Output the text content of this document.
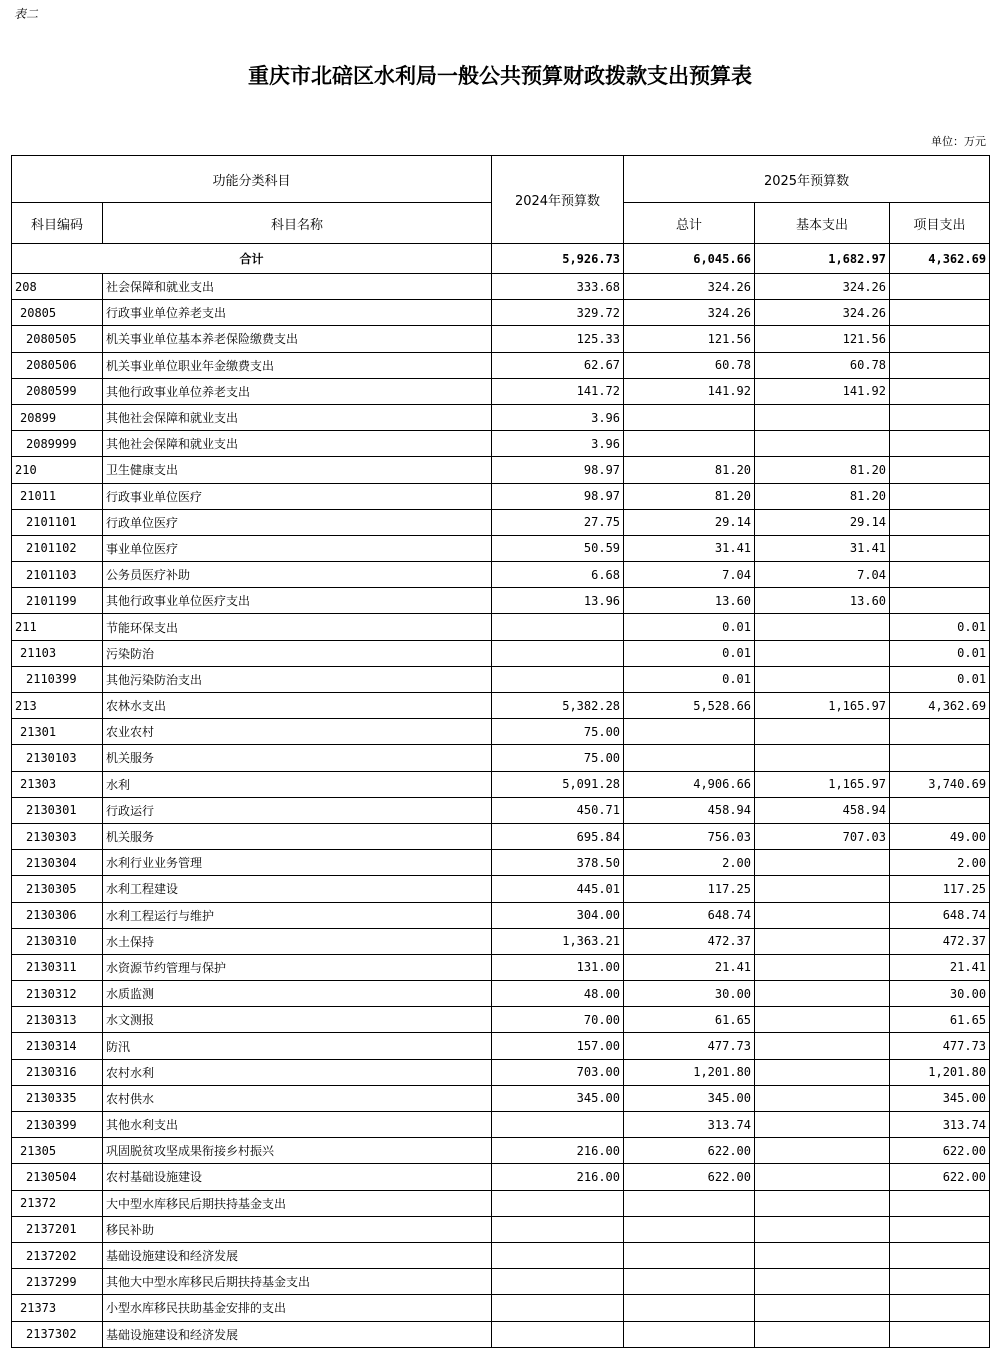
表二
重庆市北碚区水利局一般公共预算财政拨款支出预算表
单位：万元
功能分类科目		2024年预算数	2025年预算数		
科目编码	科目名称		总计	基本支出	项目支出
合计		5,926.73	6,045.66	1,682.97	4,362.69
208	社会保障和就业支出	333.68	324.26	324.26	
20805	行政事业单位养老支出	329.72	324.26	324.26	
2080505	机关事业单位基本养老保险缴费支出	125.33	121.56	121.56	
2080506	机关事业单位职业年金缴费支出	62.67	60.78	60.78	
2080599	其他行政事业单位养老支出	141.72	141.92	141.92	
20899	其他社会保障和就业支出	3.96			
2089999	其他社会保障和就业支出	3.96			
210	卫生健康支出	98.97	81.20	81.20	
21011	行政事业单位医疗	98.97	81.20	81.20	
2101101	行政单位医疗	27.75	29.14	29.14	
2101102	事业单位医疗	50.59	31.41	31.41	
2101103	公务员医疗补助	6.68	7.04	7.04	
2101199	其他行政事业单位医疗支出	13.96	13.60	13.60	
211	节能环保支出		0.01		0.01
21103	污染防治		0.01		0.01
2110399	其他污染防治支出		0.01		0.01
213	农林水支出	5,382.28	5,528.66	1,165.97	4,362.69
21301	农业农村	75.00			
2130103	机关服务	75.00			
21303	水利	5,091.28	4,906.66	1,165.97	3,740.69
2130301	行政运行	450.71	458.94	458.94	
2130303	机关服务	695.84	756.03	707.03	49.00
2130304	水利行业业务管理	378.50	2.00		2.00
2130305	水利工程建设	445.01	117.25		117.25
2130306	水利工程运行与维护	304.00	648.74		648.74
2130310	水土保持	1,363.21	472.37		472.37
2130311	水资源节约管理与保护	131.00	21.41		21.41
2130312	水质监测	48.00	30.00		30.00
2130313	水文测报	70.00	61.65		61.65
2130314	防汛	157.00	477.73		477.73
2130316	农村水利	703.00	1,201.80		1,201.80
2130335	农村供水	345.00	345.00		345.00
2130399	其他水利支出		313.74		313.74
21305	巩固脱贫攻坚成果衔接乡村振兴	216.00	622.00		622.00
2130504	农村基础设施建设	216.00	622.00		622.00
21372	大中型水库移民后期扶持基金支出				
2137201	移民补助				
2137202	基础设施建设和经济发展				
2137299	其他大中型水库移民后期扶持基金支出				
21373	小型水库移民扶助基金安排的支出				
2137302	基础设施建设和经济发展				
